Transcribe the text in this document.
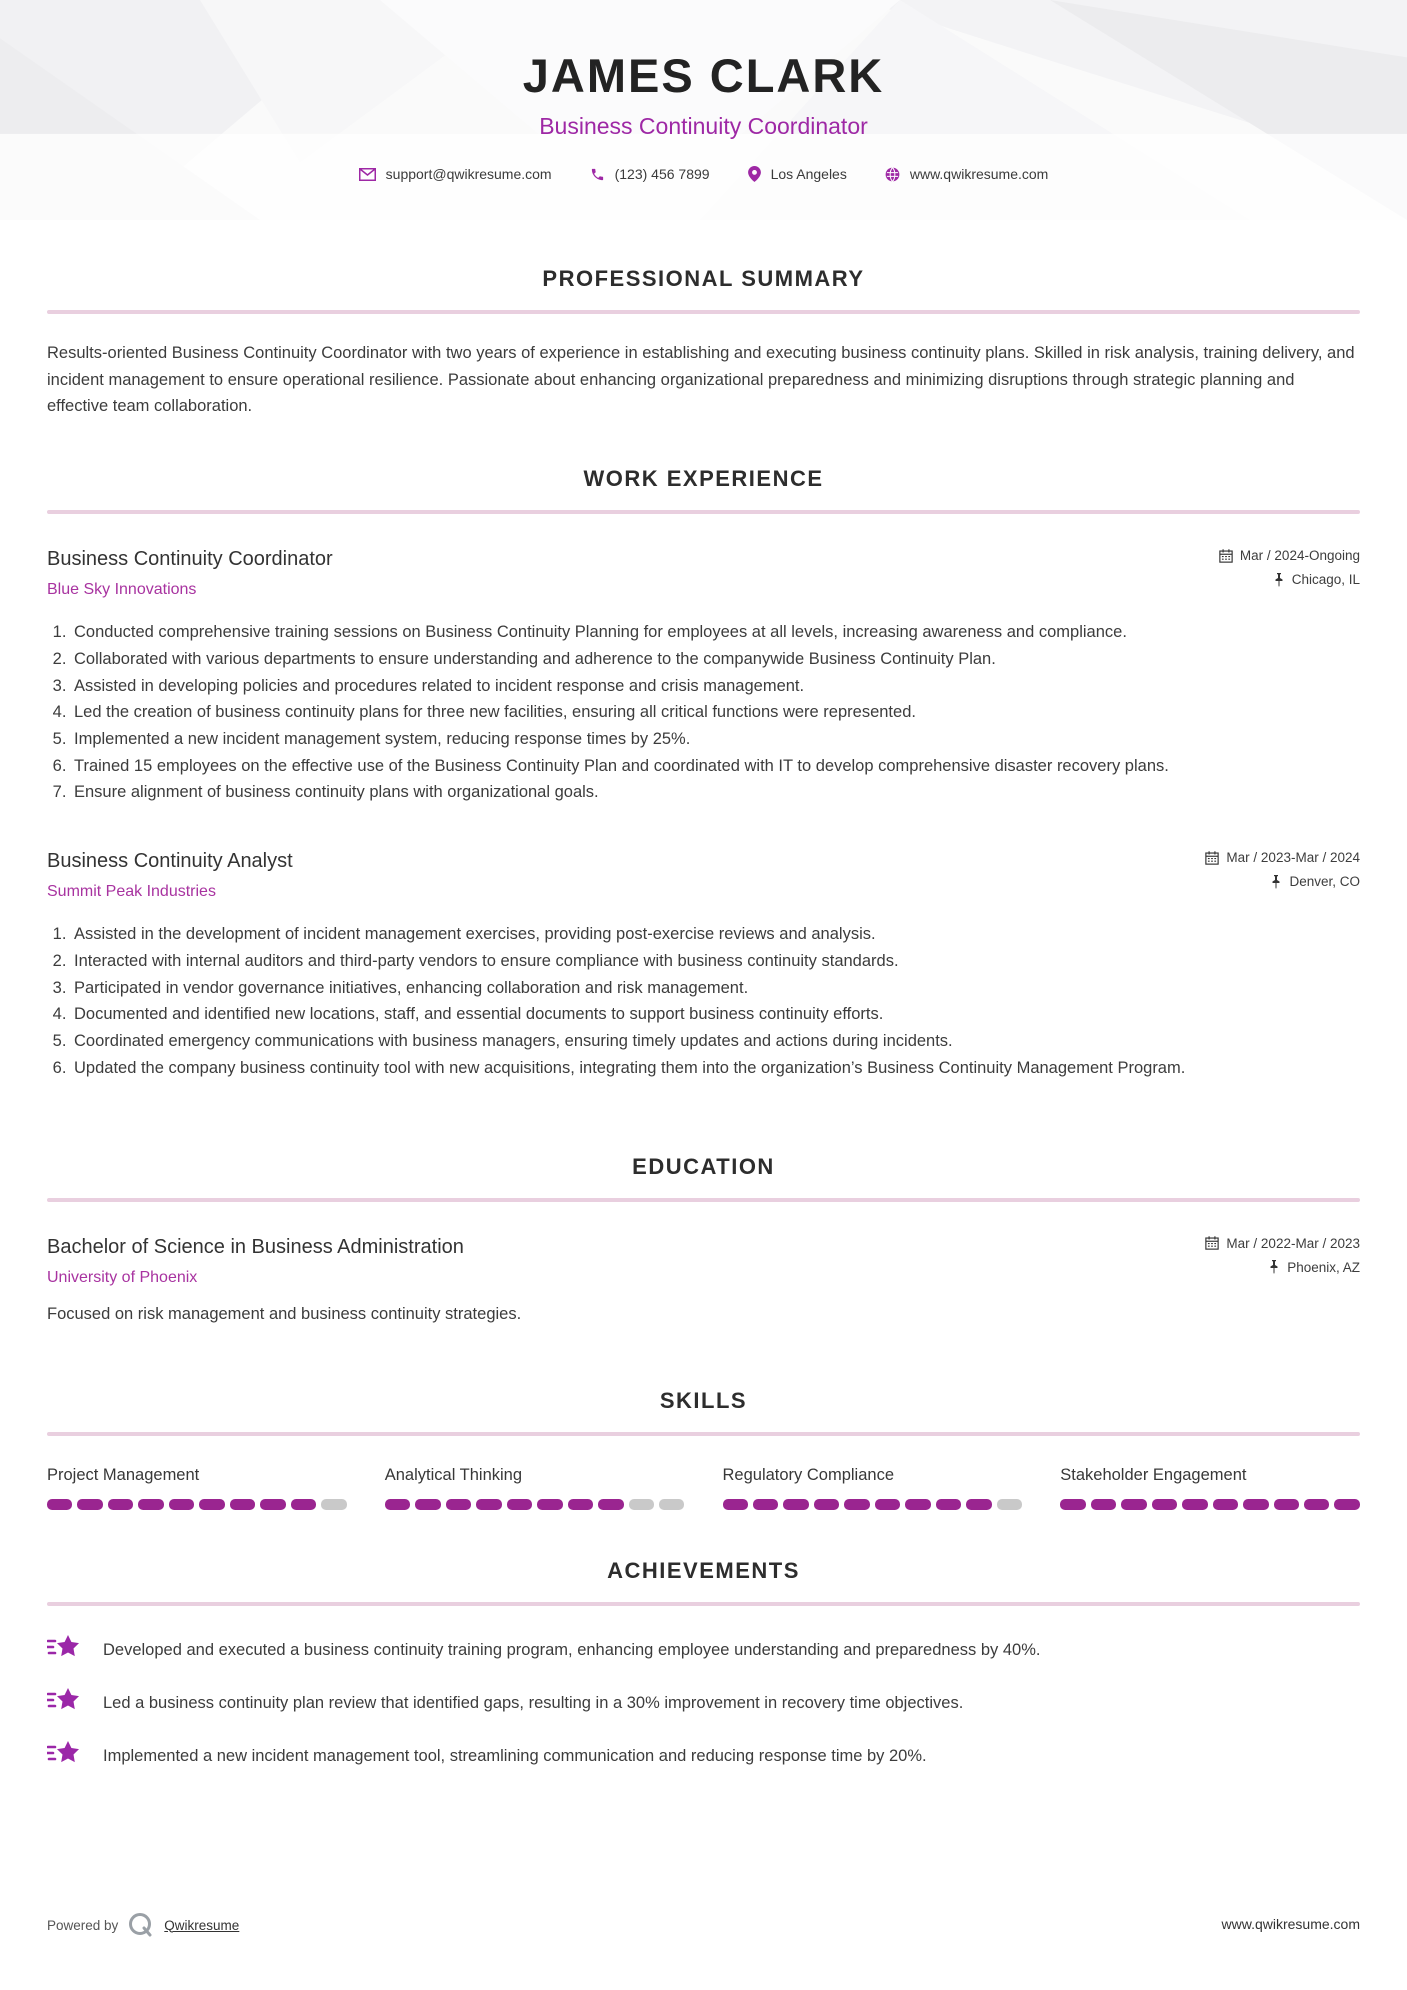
JAMES CLARK
Business Continuity Coordinator
support@qwikresume.com	(123) 456 7899	Los Angeles	www.qwikresume.com
PROFESSIONAL SUMMARY

Results-oriented Business Continuity Coordinator with two years of experience in establishing and executing business continuity plans. Skilled in risk analysis, training delivery, and incident management to ensure operational resilience. Passionate about enhancing organizational preparedness and minimizing disruptions through strategic planning and effective team collaboration.

WORK EXPERIENCE
Business Continuity Coordinator
Blue Sky Innovations
Mar / 2024-Ongoing
Chicago, IL
1. Conducted comprehensive training sessions on Business Continuity Planning for employees at all levels, increasing awareness and compliance.
2. Collaborated with various departments to ensure understanding and adherence to the companywide Business Continuity Plan.
3. Assisted in developing policies and procedures related to incident response and crisis management.
4. Led the creation of business continuity plans for three new facilities, ensuring all critical functions were represented.
5. Implemented a new incident management system, reducing response times by 25%.
6. Trained 15 employees on the effective use of the Business Continuity Plan and coordinated with IT to develop comprehensive disaster recovery plans.
7. Ensure alignment of business continuity plans with organizational goals.
Business Continuity Analyst
Summit Peak Industries
Mar / 2023-Mar / 2024
Denver, CO
1. Assisted in the development of incident management exercises, providing post-exercise reviews and analysis.
2. Interacted with internal auditors and third-party vendors to ensure compliance with business continuity standards.
3. Participated in vendor governance initiatives, enhancing collaboration and risk management.
4. Documented and identified new locations, staff, and essential documents to support business continuity efforts.
5. Coordinated emergency communications with business managers, ensuring timely updates and actions during incidents.
6. Updated the company business continuity tool with new acquisitions, integrating them into the organization’s Business Continuity Management Program.
EDUCATION
Bachelor of Science in Business Administration
University of Phoenix
Mar / 2022-Mar / 2023
Phoenix, AZ
Focused on risk management and business continuity strategies.
SKILLS
Project Management	Analytical Thinking	Regulatory Compliance	Stakeholder Engagement
ACHIEVEMENTS
Developed and executed a business continuity training program, enhancing employee understanding and preparedness by 40%.
Led a business continuity plan review that identified gaps, resulting in a 30% improvement in recovery time objectives.
Implemented a new incident management tool, streamlining communication and reducing response time by 20%.
Powered by	Qwikresume	www.qwikresume.com
